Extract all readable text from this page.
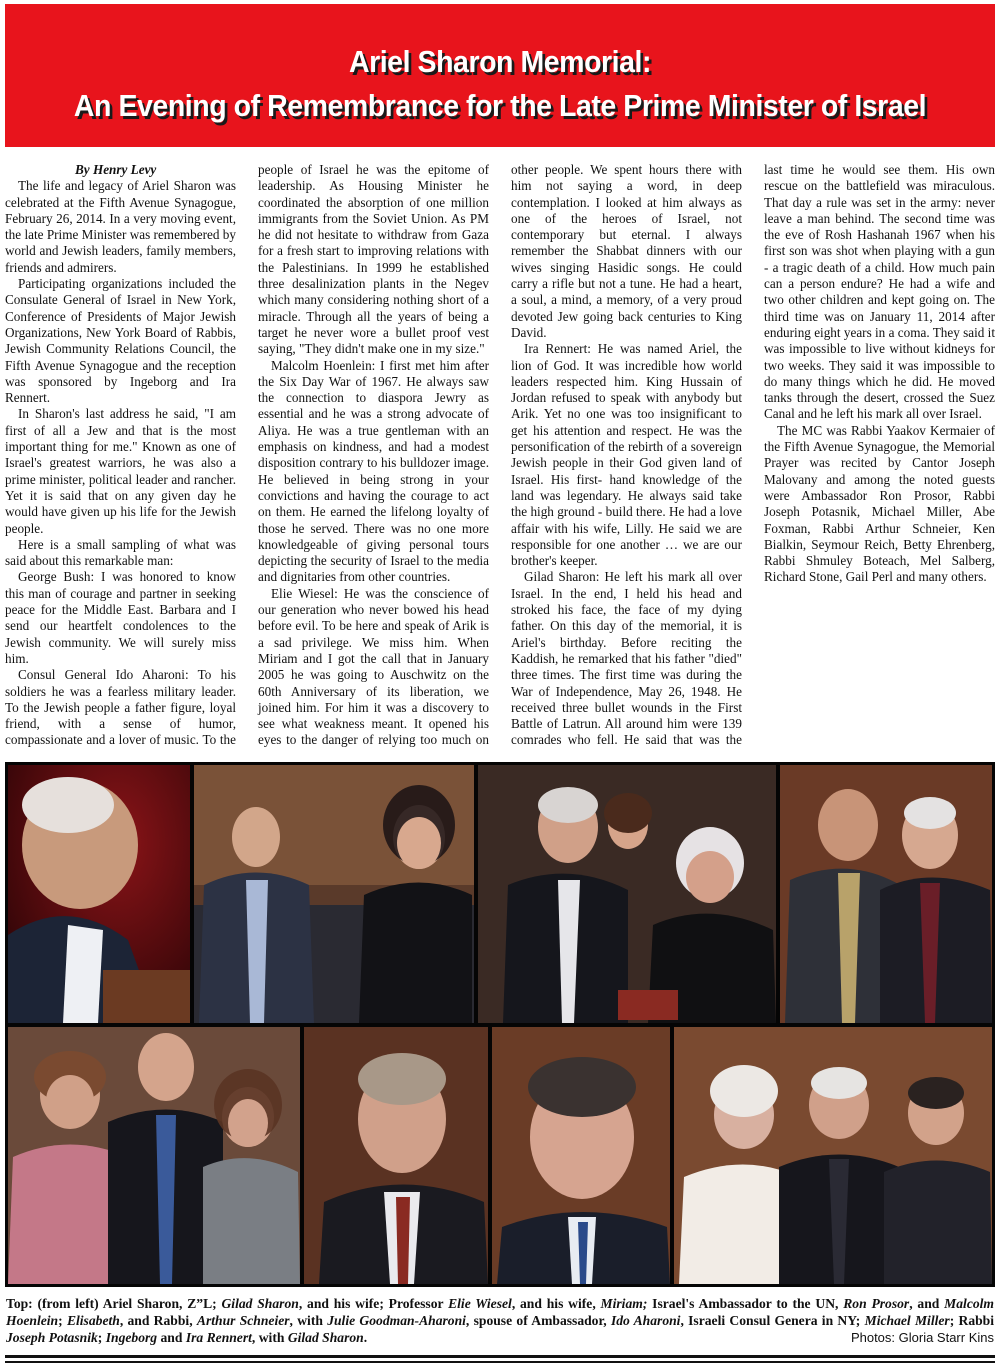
Ariel Sharon Memorial:
An Evening of Remembrance for the Late Prime Minister of Israel

By Henry Levy

The life and legacy of Ariel Sharon was celebrated at the Fifth Avenue Synagogue, February 26, 2014. In a very moving event, the late Prime Minister was remembered by world and Jewish leaders, family members, friends and admirers.

Participating organizations included the Consulate General of Israel in New York, Conference of Presidents of Major Jewish Organizations, New York Board of Rabbis, Jewish Community Relations Council, the Fifth Avenue Synagogue and the reception was sponsored by Ingeborg and Ira Rennert.

In Sharon's last address he said, "I am first of all a Jew and that is the most important thing for me." Known as one of Israel's greatest warriors, he was also a prime minister, political leader and rancher. Yet it is said that on any given day he would have given up his life for the Jewish people.

Here is a small sampling of what was said about this remarkable man:

George Bush: I was honored to know this man of courage and partner in seeking peace for the Middle East. Barbara and I send our heartfelt condolences to the Jewish community. We will surely miss him.

Consul General Ido Aharoni: To his soldiers he was a fearless military leader. To the Jewish people a father figure, loyal friend, with a sense of humor, compassionate and a lover of music. To the people of Israel he was the epitome of leadership. As Housing Minister he coordinated the absorption of one million immigrants from the Soviet Union. As PM he did not hesitate to withdraw from Gaza for a fresh start to improving relations with the Palestinians. In 1999 he established three desalinization plants in the Negev which many considering nothing short of a miracle. Through all the years of being a target he never wore a bullet proof vest saying, "They didn't make one in my size."

Malcolm Hoenlein: I first met him after the Six Day War of 1967. He always saw the connection to diaspora Jewry as essential and he was a strong advocate of Aliya. He was a true gentleman with an emphasis on kindness, and had a modest disposition contrary to his bulldozer image. He believed in being strong in your convictions and having the courage to act on them. He earned the lifelong loyalty of those he served. There was no one more knowledgeable of giving personal tours depicting the security of Israel to the media and dignitaries from other countries.

Elie Wiesel: He was the conscience of our generation who never bowed his head before evil. To be here and speak of Arik is a sad privilege. We miss him. When Miriam and I got the call that in January 2005 he was going to Auschwitz on the 60th Anniversary of its liberation, we joined him. For him it was a discovery to see what weakness meant. It opened his eyes to the danger of relying too much on other people. We spent hours there with him not saying a word, in deep contemplation. I looked at him always as one of the heroes of Israel, not contemporary but eternal. I always remember the Shabbat dinners with our wives singing Hasidic songs. He could carry a rifle but not a tune. He had a heart, a soul, a mind, a memory, of a very proud devoted Jew going back centuries to King David.

Ira Rennert: He was named Ariel, the lion of God. It was incredible how world leaders respected him. King Hussain of Jordan refused to speak with anybody but Arik. Yet no one was too insignificant to get his attention and respect. He was the personification of the rebirth of a sovereign Jewish people in their God given land of Israel. His first- hand knowledge of the land was legendary. He always said take the high ground - build there. He had a love affair with his wife, Lilly. He said we are responsible for one another … we are our brother's keeper.

Gilad Sharon: He left his mark all over Israel. In the end, I held his head and stroked his face, the face of my dying father. On this day of the memorial, it is Ariel's birthday. Before reciting the Kaddish, he remarked that his father "died" three times. The first time was during the War of Independence, May 26, 1948. He received three bullet wounds in the First Battle of Latrun. All around him were 139 comrades who fell. He said that was the last time he would see them. His own rescue on the battlefield was miraculous. That day a rule was set in the army: never leave a man behind. The second time was the eve of Rosh Hashanah 1967 when his first son was shot when playing with a gun - a tragic death of a child. How much pain can a person endure? He had a wife and two other children and kept going on. The third time was on January 11, 2014 after enduring eight years in a coma. They said it was impossible to live without kidneys for two weeks. They said it was impossible to do many things which he did. He moved tanks through the desert, crossed the Suez Canal and he left his mark all over Israel.

The MC was Rabbi Yaakov Kermaier of the Fifth Avenue Synagogue, the Memorial Prayer was recited by Cantor Joseph Malovany and among the noted guests were Ambassador Ron Prosor, Rabbi Joseph Potasnik, Michael Miller, Abe Foxman, Rabbi Arthur Schneier, Ken Bialkin, Seymour Reich, Betty Ehrenberg, Rabbi Shmuley Boteach, Mel Salberg, Richard Stone, Gail Perl and many others.

Top: (from left) Ariel Sharon, Z”L; Gilad Sharon, and his wife; Professor Elie Wiesel, and his wife, Miriam; Israel's Ambassador to the UN, Ron Prosor, and Malcolm Hoenlein; Elisabeth, and Rabbi, Arthur Schneier, with Julie Goodman-Aharoni, spouse of Ambassador, Ido Aharoni, Israeli Consul Genera in NY; Michael Miller; Rabbi Joseph Potasnik; Ingeborg and Ira Rennert, with Gilad Sharon.	Photos: Gloria Starr Kins
